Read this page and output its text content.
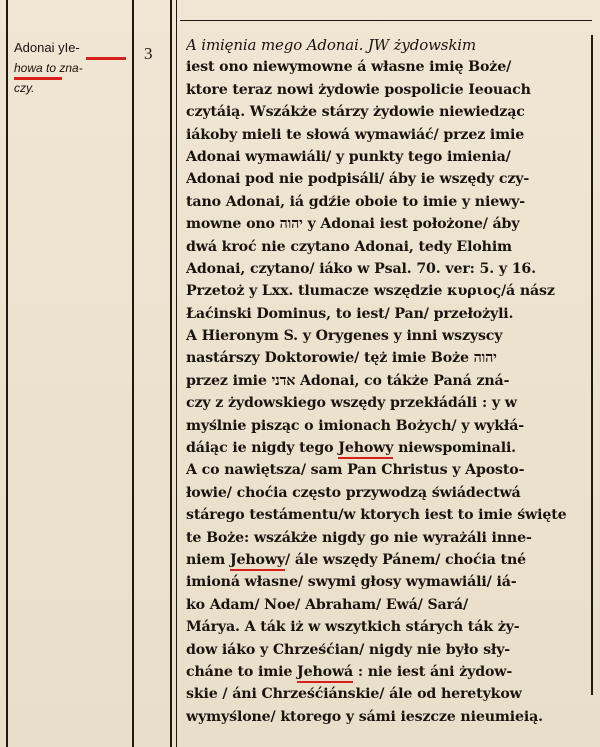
Adonai yIe-
howa to zna-
czy.
3 A imięnia mego Adonai. JW żydowskim
iest ono niewymowne á własne imię Boże/
ktore teraz nowi żydowie pospolicie Ieouach
czytáią. Wszákże stárzy żydowie niewiedząc
iákoby mieli te słowá wymawiáć/ przez imie
Adonai wymawiáli/ y punkty tego imienia/
Adonai pod nie podpisáli/ áby ie wszędy czy-
tano Adonai, iá gdźie oboie to imie y niewy-
mowne ono יהוה y Adonai iest położone/ áby
dwá kroć nie czytano Adonai, tedy Elohim
Adonai, czytano/ iáko w Psal. 70. ver: 5. y 16.
Przetoż y Lxx. tlumacze wszędzie κυριος/á nász
Łaćinski Dominus, to iest/ Pan/ przełożyli.
A Hieronym S. y Orygenes y inni wszyscy
nastárszy Doktorowie/ tęż imie Boże יהוה
przez imie אדני Adonai, co tákże Paná zná-
czy z żydowskiego wszędy przekłádáli : y w
myślnie pisząc o imionach Bożych/ y wykłá-
dáiąc ie nigdy tego Jehowy niewspominali.
A co nawiętsza/ sam Pan Christus y Aposto-
łowie/ choćia często przywodzą świádectwá
stárego testámentu/w ktorych iest to imie święte
te Boże: wszákże nigdy go nie wyrażáli inne-
niem Jehowy/ ále wszędy Pánem/ choćia tné
imioná własne/ swymi głosy wymawiáli/ iá-
ko Adam/ Noe/ Abraham/ Ewá/ Sará/
Márya. A ták iż w wszytkich stárych ták ży-
dow iáko y Chrześćian/ nigdy nie było sły-
cháne to imie Jehowá : nie iest áni żydow-
skie / áni Chrześćiánskie/ ále od heretykow
wymyślone/ ktorego y sámi ieszcze nieumieią.
